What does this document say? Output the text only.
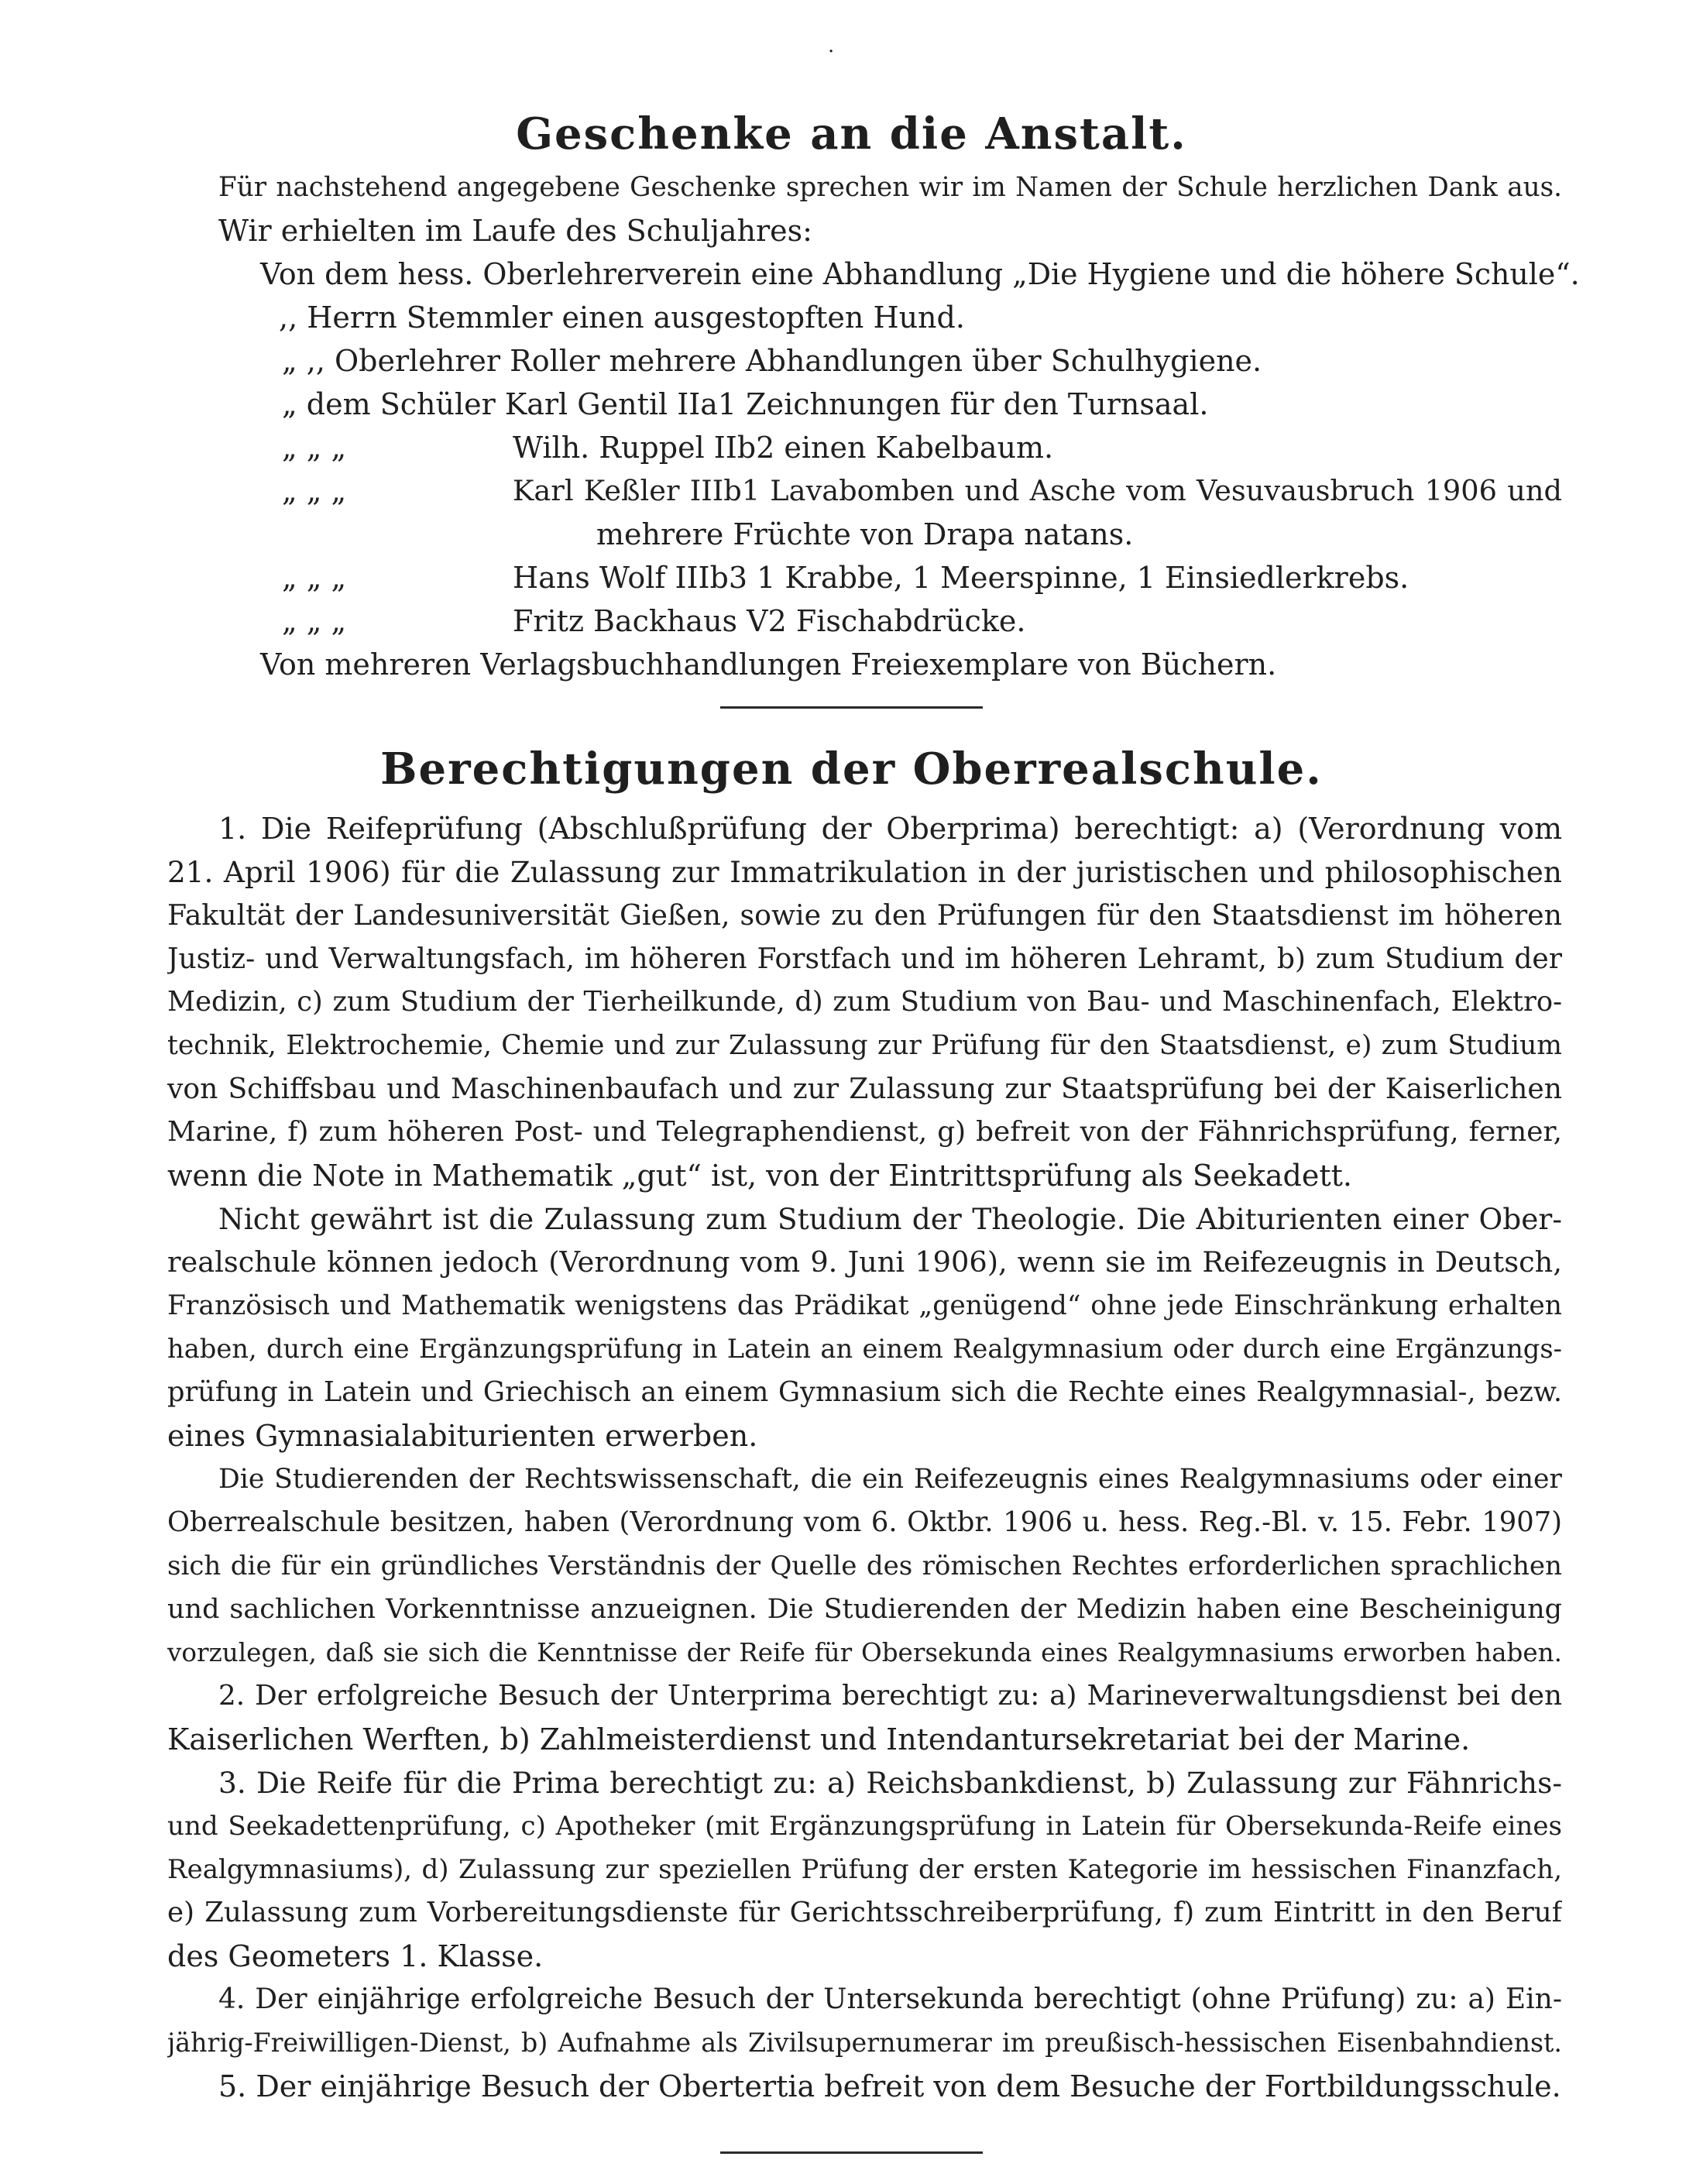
·
Geschenke an die Anstalt.
Für nachstehend angegebene Geschenke sprechen wir im Namen der Schule herzlichen Dank aus.
Wir erhielten im Laufe des Schuljahres:
Von dem hess. Oberlehrerverein eine Abhandlung „Die Hygiene und die höhere Schule“.
,, Herrn Stemmler einen ausgestopften Hund.
„ ,, Oberlehrer Roller mehrere Abhandlungen über Schulhygiene.
„ dem Schüler Karl Gentil IIa1 Zeichnungen für den Turnsaal.
„ „ „	Wilh. Ruppel IIb2 einen Kabelbaum.
„ „ „	Karl Keßler IIIb1 Lavabomben und Asche vom Vesuvausbruch 1906 und
mehrere Früchte von Drapa natans.
„ „ „	Hans Wolf IIIb3 1 Krabbe, 1 Meerspinne, 1 Einsiedlerkrebs.
„ „ „	Fritz Backhaus V2 Fischabdrücke.
Von mehreren Verlagsbuchhandlungen Freiexemplare von Büchern.
Berechtigungen der Oberrealschule.
1. Die Reifeprüfung (Abschlußprüfung der Oberprima) berechtigt: a) (Verordnung vom
21. April 1906) für die Zulassung zur Immatrikulation in der juristischen und philosophischen
Fakultät der Landesuniversität Gießen, sowie zu den Prüfungen für den Staatsdienst im höheren
Justiz- und Verwaltungsfach, im höheren Forstfach und im höheren Lehramt, b) zum Studium der
Medizin, c) zum Studium der Tierheilkunde, d) zum Studium von Bau- und Maschinenfach, Elektro-
technik, Elektrochemie, Chemie und zur Zulassung zur Prüfung für den Staatsdienst, e) zum Studium
von Schiffsbau und Maschinenbaufach und zur Zulassung zur Staatsprüfung bei der Kaiserlichen
Marine, f) zum höheren Post- und Telegraphendienst, g) befreit von der Fähnrichsprüfung, ferner,
wenn die Note in Mathematik „gut“ ist, von der Eintrittsprüfung als Seekadett.
Nicht gewährt ist die Zulassung zum Studium der Theologie. Die Abiturienten einer Ober-
realschule können jedoch (Verordnung vom 9. Juni 1906), wenn sie im Reifezeugnis in Deutsch,
Französisch und Mathematik wenigstens das Prädikat „genügend“ ohne jede Einschränkung erhalten
haben, durch eine Ergänzungsprüfung in Latein an einem Realgymnasium oder durch eine Ergänzungs-
prüfung in Latein und Griechisch an einem Gymnasium sich die Rechte eines Realgymnasial-, bezw.
eines Gymnasialabiturienten erwerben.
Die Studierenden der Rechtswissenschaft, die ein Reifezeugnis eines Realgymnasiums oder einer
Oberrealschule besitzen, haben (Verordnung vom 6. Oktbr. 1906 u. hess. Reg.-Bl. v. 15. Febr. 1907)
sich die für ein gründliches Verständnis der Quelle des römischen Rechtes erforderlichen sprachlichen
und sachlichen Vorkenntnisse anzueignen. Die Studierenden der Medizin haben eine Bescheinigung
vorzulegen, daß sie sich die Kenntnisse der Reife für Obersekunda eines Realgymnasiums erworben haben.
2. Der erfolgreiche Besuch der Unterprima berechtigt zu: a) Marineverwaltungsdienst bei den
Kaiserlichen Werften, b) Zahlmeisterdienst und Intendantursekretariat bei der Marine.
3. Die Reife für die Prima berechtigt zu: a) Reichsbankdienst, b) Zulassung zur Fähnrichs-
und Seekadettenprüfung, c) Apotheker (mit Ergänzungsprüfung in Latein für Obersekunda-Reife eines
Realgymnasiums), d) Zulassung zur speziellen Prüfung der ersten Kategorie im hessischen Finanzfach,
e) Zulassung zum Vorbereitungsdienste für Gerichtsschreiberprüfung, f) zum Eintritt in den Beruf
des Geometers 1. Klasse.
4. Der einjährige erfolgreiche Besuch der Untersekunda berechtigt (ohne Prüfung) zu: a) Ein-
jährig-Freiwilligen-Dienst, b) Aufnahme als Zivilsupernumerar im preußisch-hessischen Eisenbahndienst.
5. Der einjährige Besuch der Obertertia befreit von dem Besuche der Fortbildungsschule.
